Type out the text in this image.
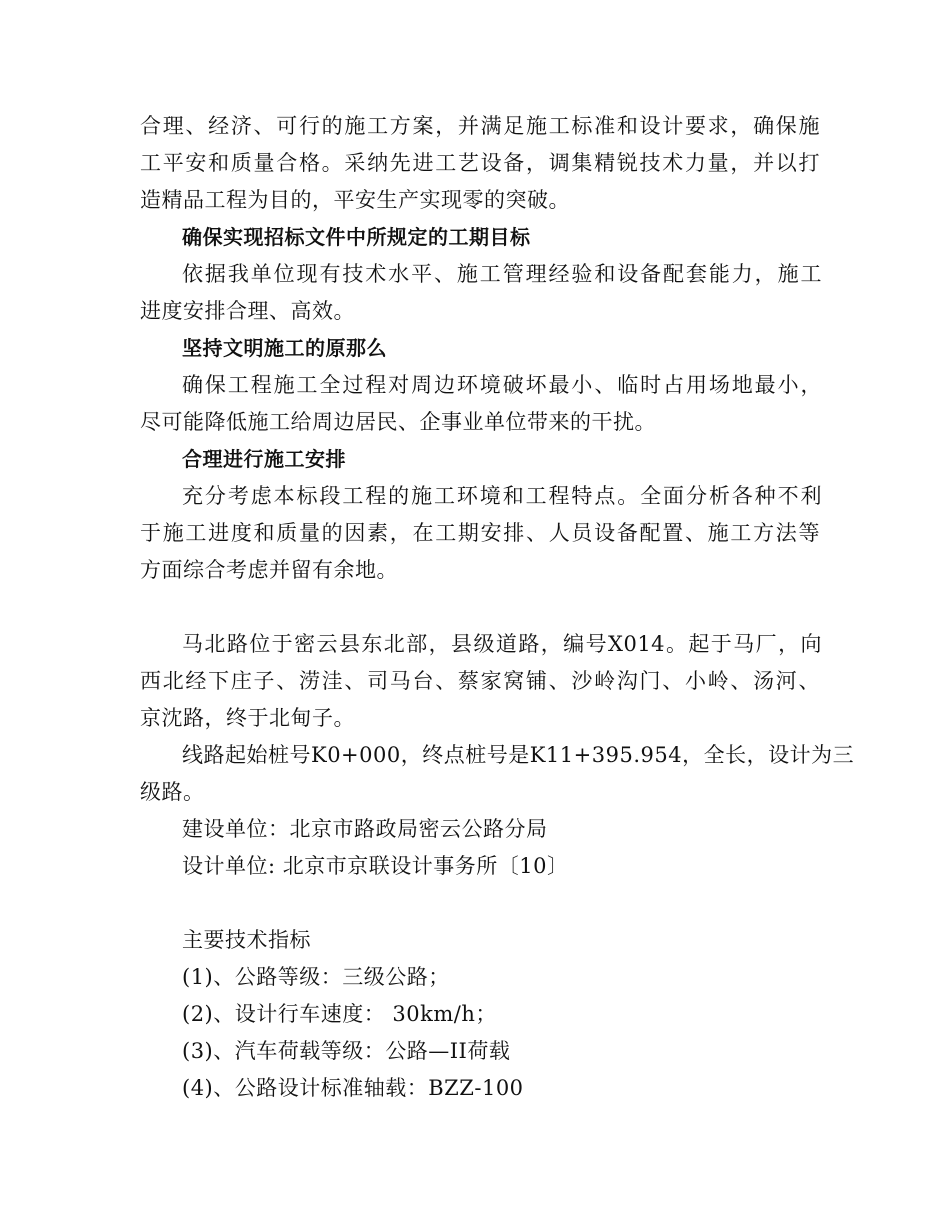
合理、经济、可行的施工方案，并满足施工标准和设计要求，确保施
工平安和质量合格。采纳先进工艺设备，调集精锐技术力量，并以打
造精品工程为目的，平安生产实现零的突破。
确保实现招标文件中所规定的工期目标
依据我单位现有技术水平、施工管理经验和设备配套能力，施工
进度安排合理、高效。
坚持文明施工的原那么
确保工程施工全过程对周边环境破坏最小、临时占用场地最小，
尽可能降低施工给周边居民、企事业单位带来的干扰。
合理进行施工安排
充分考虑本标段工程的施工环境和工程特点。全面分析各种不利
于施工进度和质量的因素，在工期安排、人员设备配置、施工方法等
方面综合考虑并留有余地。
马北路位于密云县东北部，县级道路，编号X014。起于马厂，向
西北经下庄子、涝洼、司马台、蔡家窝铺、沙岭沟门、小岭、汤河、
京沈路，终于北甸子。
线路起始桩号K0+000，终点桩号是K11+395.954，全长，设计为三
级路。
建设单位：北京市路政局密云公路分局
设计单位: 北京市京联设计事务所〔10〕
主要技术指标
(1)、公路等级：三级公路；
(2)、设计行车速度： 30km/h；
(3)、汽车荷载等级：公路—II荷载
(4)、公路设计标准轴载：BZZ-100
